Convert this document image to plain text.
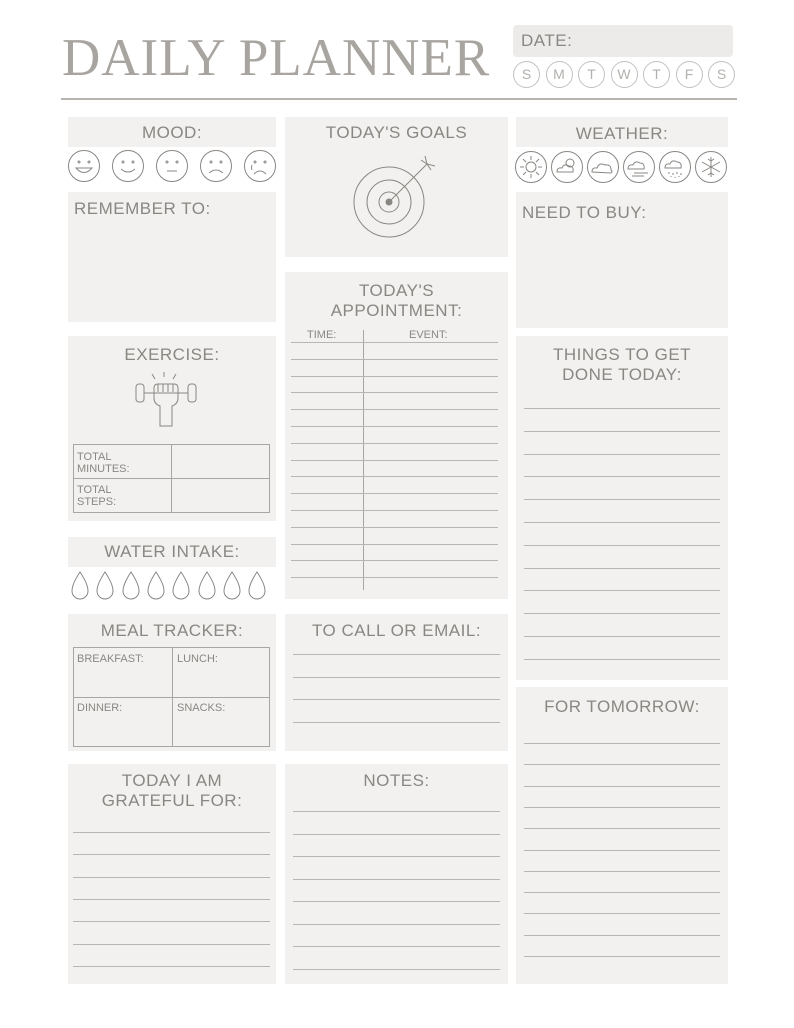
DAILY PLANNER DATE:
S	M	T	W	T	F	S
MOOD:
REMEMBER TO:
TODAY'S GOALS	WEATHER:
NEED TO BUY:
EXERCISE:
TOTAL
MINUTES:
TOTAL
STEPS:
TODAY'S
APPOINTMENT:
TIME:	EVENT:
THINGS TO GET
DONE TODAY:
WATER INTAKE:
MEAL TRACKER:
BREAKFAST:	LUNCH:
DINNER:	SNACKS:
TO CALL OR EMAIL:
FOR TOMORROW:
TODAY I AM
GRATEFUL FOR:
NOTES:
